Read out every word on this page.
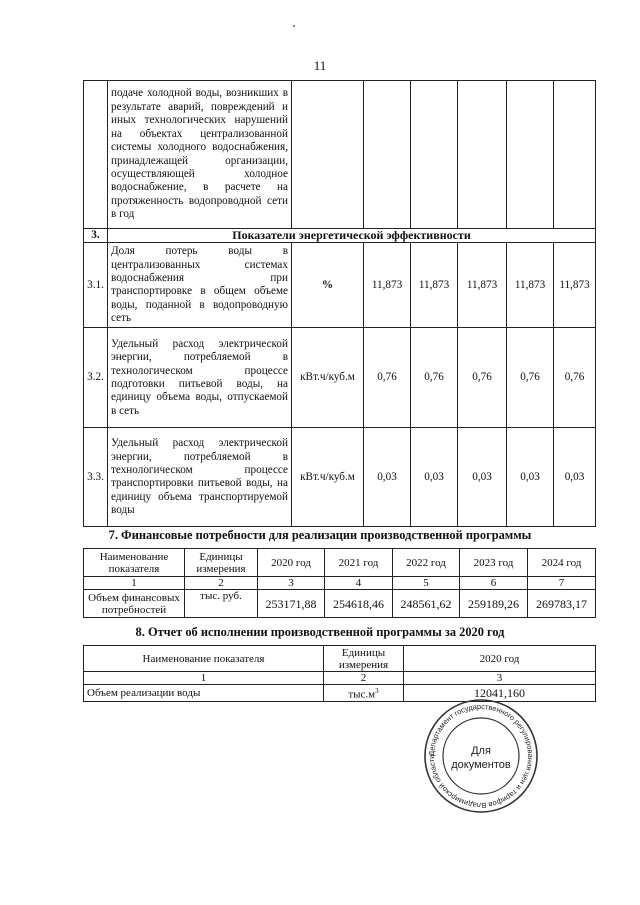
11
	подаче холодной воды, возникших в результате аварий, повреждений и иных технологических нарушений на объектах централизованной системы холодного водоснабжения, принадлежащей организации, осуществляющей холодное водоснабжение, в расчете на протяженность водопроводной сети в год						
3.	Показатели энергетической эффективности						
3.1.	Доля потерь воды в централизованных системах водоснабжения при транспортировке в общем объеме воды, поданной в водопроводную сеть	%	11,873	11,873	11,873	11,873	11,873
3.2.	Удельный расход электрической энергии, потребляемой в технологическом процессе подготовки питьевой воды, на единицу объема воды, отпускаемой в сеть	кВт.ч/куб.м	0,76	0,76	0,76	0,76	0,76
3.3.	Удельный расход электрической энергии, потребляемой в технологическом процессе транспортировки питьевой воды, на единицу объема транспортируемой воды	кВт.ч/куб.м	0,03	0,03	0,03	0,03	0,03
7. Финансовые потребности для реализации производственной программы
Наименование показателя	Единицы измерения	2020 год	2021 год	2022 год	2023 год	2024 год
1	2	3	4	5	6	7
Объем финансовых потребностей	тыс. руб.	253171,88	254618,46	248561,62	259189,26	269783,17
8. Отчет об исполнении производственной программы за 2020 год
Наименование показателя	Единицы измерения	2020 год
1	2	3
Объем реализации воды	$тыс.м^3$	12041,160
Департамент государственного регулирования цен и тарифов Владимирской области	Для
документов
